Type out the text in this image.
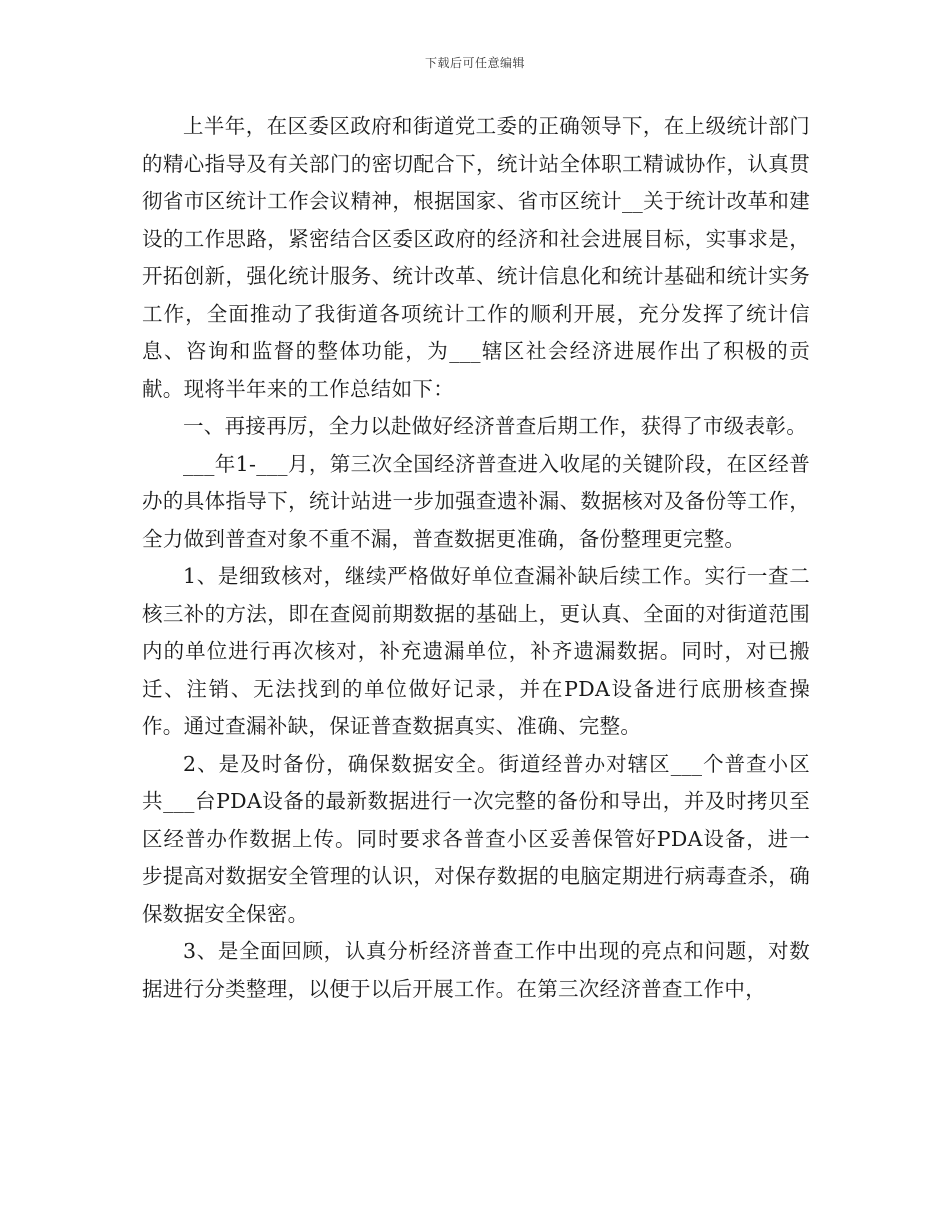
下载后可任意编辑

上半年，在区委区政府和街道党工委的正确领导下，在上级统计部门的精心指导及有关部门的密切配合下，统计站全体职工精诚协作，认真贯彻省市区统计工作会议精神，根据国家、省市区统计__关于统计改革和建设的工作思路，紧密结合区委区政府的经济和社会进展目标，实事求是，开拓创新，强化统计服务、统计改革、统计信息化和统计基础和统计实务工作，全面推动了我街道各项统计工作的顺利开展，充分发挥了统计信息、咨询和监督的整体功能，为___辖区社会经济进展作出了积极的贡献。现将半年来的工作总结如下：

一、再接再厉，全力以赴做好经济普查后期工作，获得了市级表彰。

___年1-___月，第三次全国经济普查进入收尾的关键阶段，在区经普办的具体指导下，统计站进一步加强查遗补漏、数据核对及备份等工作，全力做到普查对象不重不漏，普查数据更准确，备份整理更完整。

1、是细致核对，继续严格做好单位查漏补缺后续工作。实行一查二核三补的方法，即在查阅前期数据的基础上，更认真、全面的对街道范围内的单位进行再次核对，补充遗漏单位，补齐遗漏数据。同时，对已搬迁、注销、无法找到的单位做好记录，并在PDA设备进行底册核查操作。通过查漏补缺，保证普查数据真实、准确、完整。

2、是及时备份，确保数据安全。街道经普办对辖区___个普查小区共___台PDA设备的最新数据进行一次完整的备份和导出，并及时拷贝至区经普办作数据上传。同时要求各普查小区妥善保管好PDA设备，进一步提高对数据安全管理的认识，对保存数据的电脑定期进行病毒查杀，确保数据安全保密。

3、是全面回顾，认真分析经济普查工作中出现的亮点和问题，对数据进行分类整理，以便于以后开展工作。在第三次经济普查工作中，
